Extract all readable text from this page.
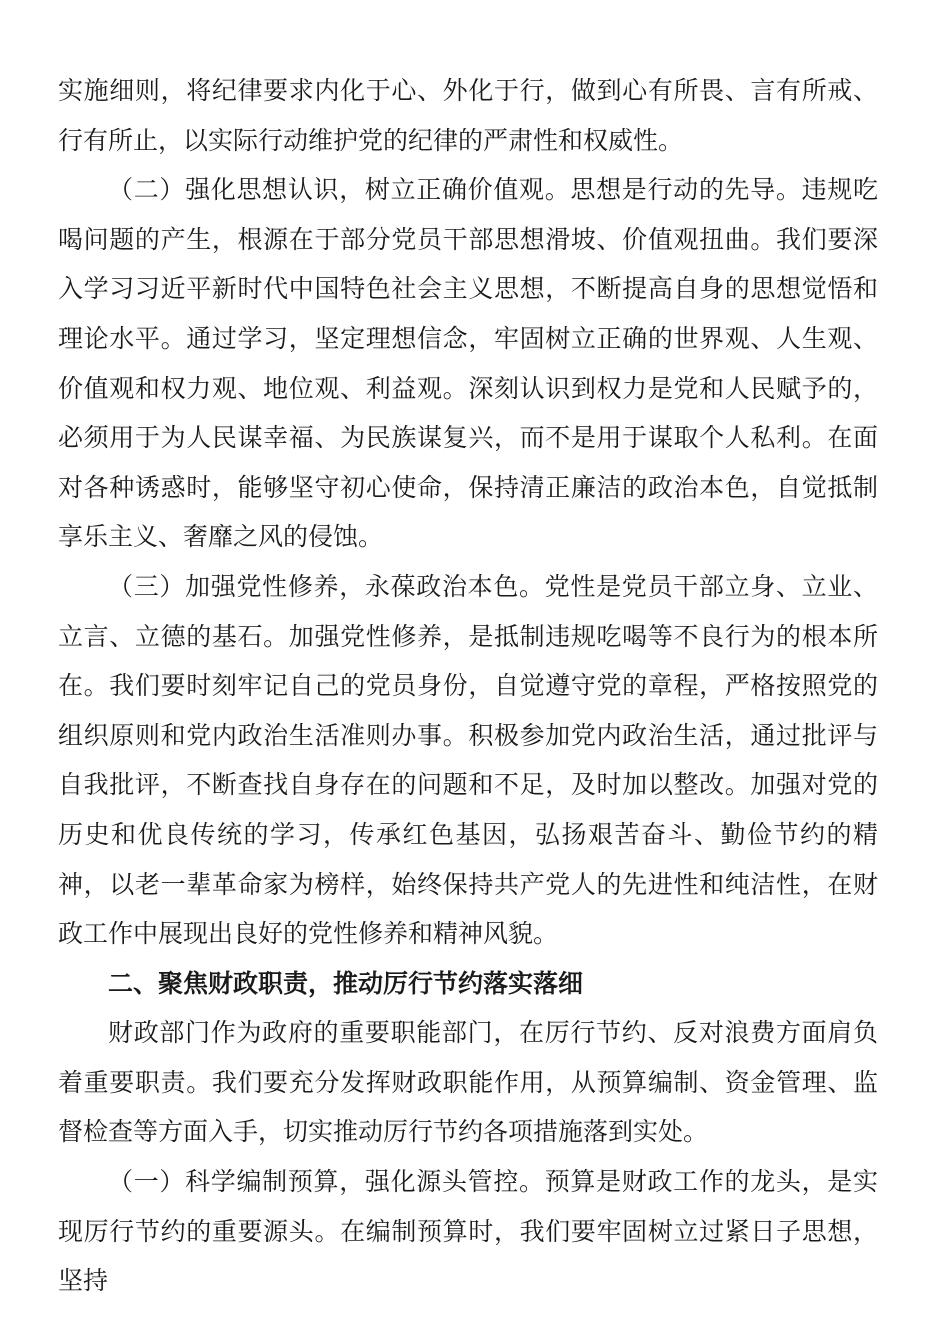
实施细则，将纪律要求内化于心、外化于行，做到心有所畏、言有所戒、行有所止，以实际行动维护党的纪律的严肃性和权威性。

（二）强化思想认识，树立正确价值观。思想是行动的先导。违规吃喝问题的产生，根源在于部分党员干部思想滑坡、价值观扭曲。我们要深入学习习近平新时代中国特色社会主义思想，不断提高自身的思想觉悟和理论水平。通过学习，坚定理想信念，牢固树立正确的世界观、人生观、价值观和权力观、地位观、利益观。深刻认识到权力是党和人民赋予的，必须用于为人民谋幸福、为民族谋复兴，而不是用于谋取个人私利。在面对各种诱惑时，能够坚守初心使命，保持清正廉洁的政治本色，自觉抵制享乐主义、奢靡之风的侵蚀。

（三）加强党性修养，永葆政治本色。党性是党员干部立身、立业、立言、立德的基石。加强党性修养，是抵制违规吃喝等不良行为的根本所在。我们要时刻牢记自己的党员身份，自觉遵守党的章程，严格按照党的组织原则和党内政治生活准则办事。积极参加党内政治生活，通过批评与自我批评，不断查找自身存在的问题和不足，及时加以整改。加强对党的历史和优良传统的学习，传承红色基因，弘扬艰苦奋斗、勤俭节约的精神，以老一辈革命家为榜样，始终保持共产党人的先进性和纯洁性，在财政工作中展现出良好的党性修养和精神风貌。

二、聚焦财政职责，推动厉行节约落实落细

财政部门作为政府的重要职能部门，在厉行节约、反对浪费方面肩负着重要职责。我们要充分发挥财政职能作用，从预算编制、资金管理、监督检查等方面入手，切实推动厉行节约各项措施落到实处。

（一）科学编制预算，强化源头管控。预算是财政工作的龙头，是实现厉行节约的重要源头。在编制预算时，我们要牢固树立过紧日子思想，坚持
